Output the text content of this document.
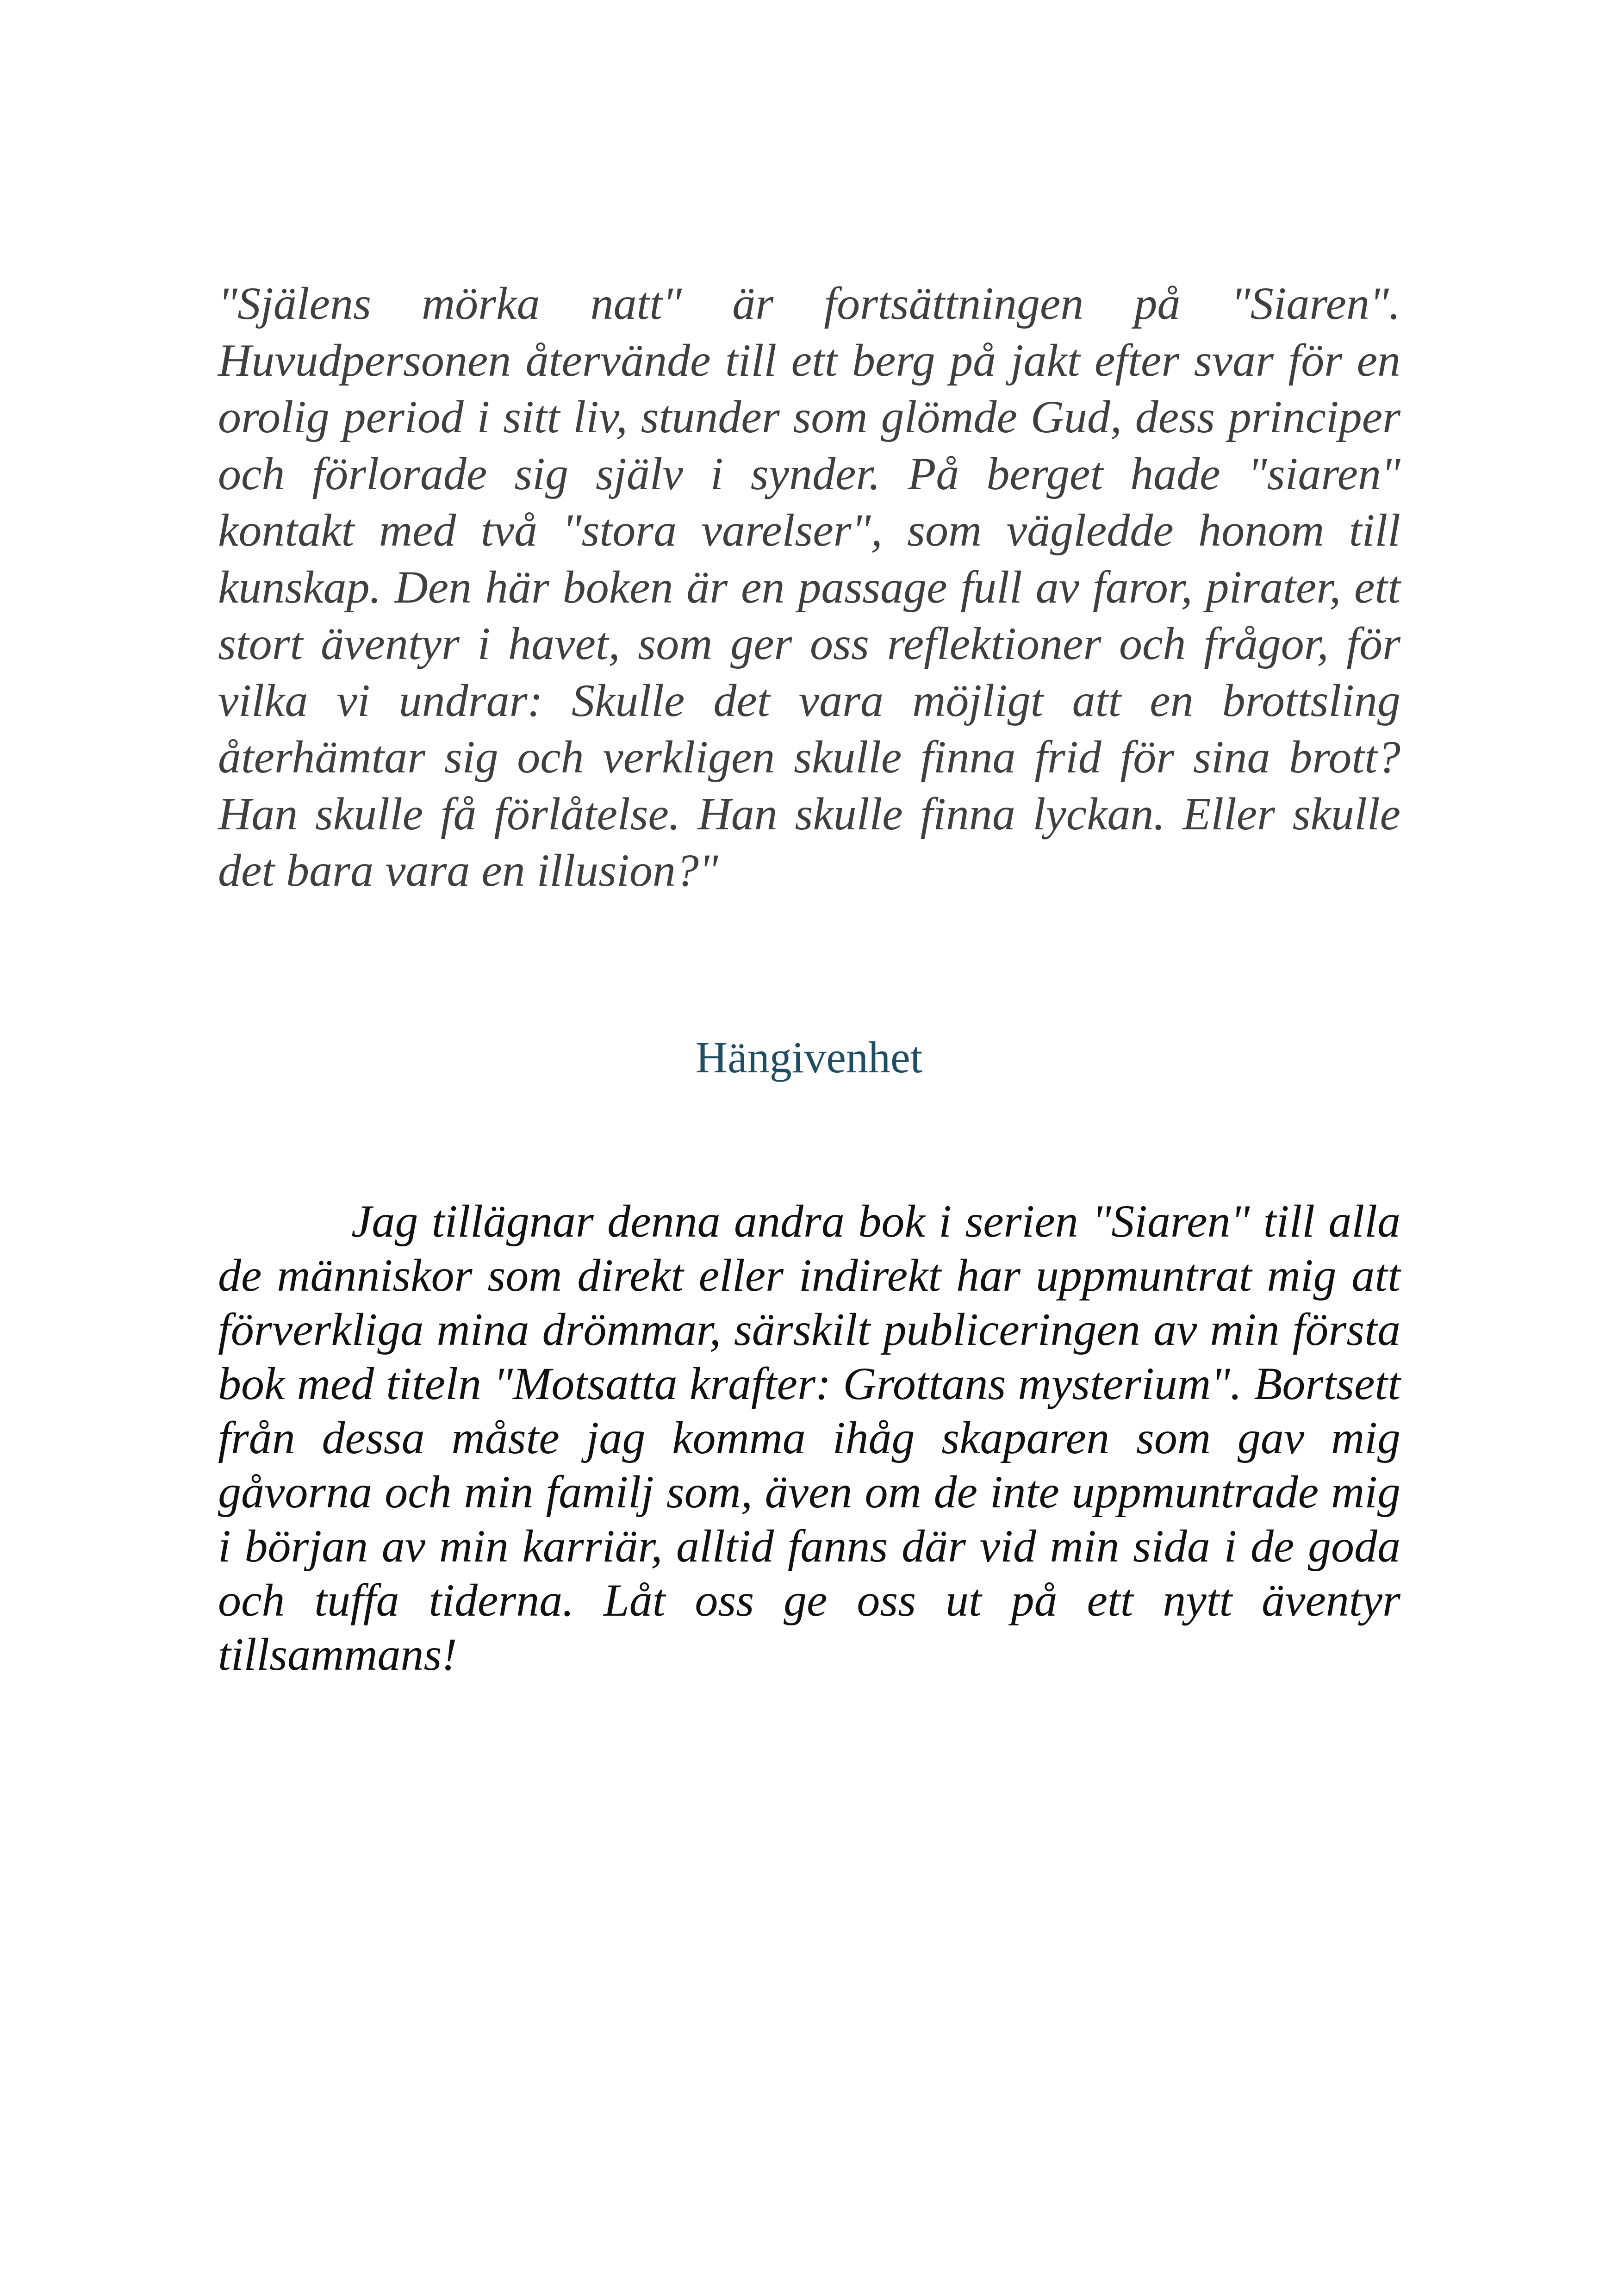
"Själens mörka natt" är fortsättningen på "Siaren". Huvudpersonen återvände till ett berg på jakt efter svar för en orolig period i sitt liv, stunder som glömde Gud, dess principer och förlorade sig själv i synder. På berget hade "siaren" kontakt med två "stora varelser", som vägledde honom till kunskap. Den här boken är en passage full av faror, pirater, ett stort äventyr i havet, som ger oss reflektioner och frågor, för vilka vi undrar: Skulle det vara möjligt att en brottsling återhämtar sig och verkligen skulle finna frid för sina brott? Han skulle få förlåtelse. Han skulle finna lyckan. Eller skulle det bara vara en illusion?"

Hängivenhet

Jag tillägnar denna andra bok i serien "Siaren" till alla de människor som direkt eller indirekt har uppmuntrat mig att förverkliga mina drömmar, särskilt publiceringen av min första bok med titeln "Motsatta krafter: Grottans mysterium". Bortsett från dessa måste jag komma ihåg skaparen som gav mig gåvorna och min familj som, även om de inte uppmuntrade mig i början av min karriär, alltid fanns där vid min sida i de goda och tuffa tiderna. Låt oss ge oss ut på ett nytt äventyr tillsammans!
